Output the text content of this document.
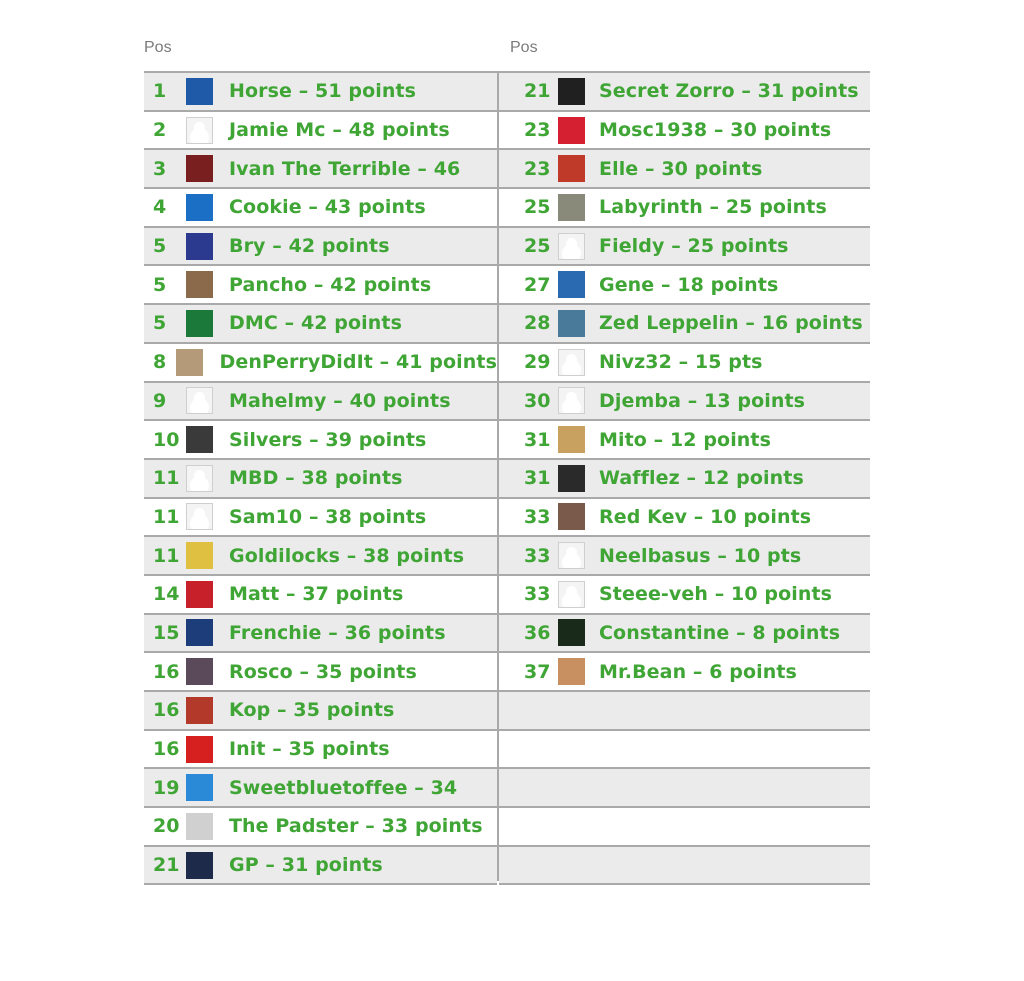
Pos	Pos
1	Horse – 51 points
2	Jamie Mc – 48 points
3	Ivan The Terrible – 46
4	Cookie – 43 points
5	Bry – 42 points
5	Pancho – 42 points
5	DMC – 42 points
8	DenPerryDidIt – 41 points
9	Mahelmy – 40 points
10	Silvers – 39 points
11	MBD – 38 points
11	Sam10 – 38 points
11	Goldilocks – 38 points
14	Matt – 37 points
15	Frenchie – 36 points
16	Rosco – 35 points
16	Kop – 35 points
16	Init – 35 points
19	Sweetbluetoffee – 34
20	The Padster – 33 points
21	GP – 31 points
21	Secret Zorro – 31 points
23	Mosc1938 – 30 points
23	Elle – 30 points
25	Labyrinth – 25 points
25	Fieldy – 25 points
27	Gene – 18 points
28	Zed Leppelin – 16 points
29	Nivz32 – 15 pts
30	Djemba – 13 points
31	Mito – 12 points
31	Wafflez – 12 points
33	Red Kev – 10 points
33	Neelbasus – 10 pts
33	Steee-veh – 10 points
36	Constantine – 8 points
37	Mr.Bean – 6 points
